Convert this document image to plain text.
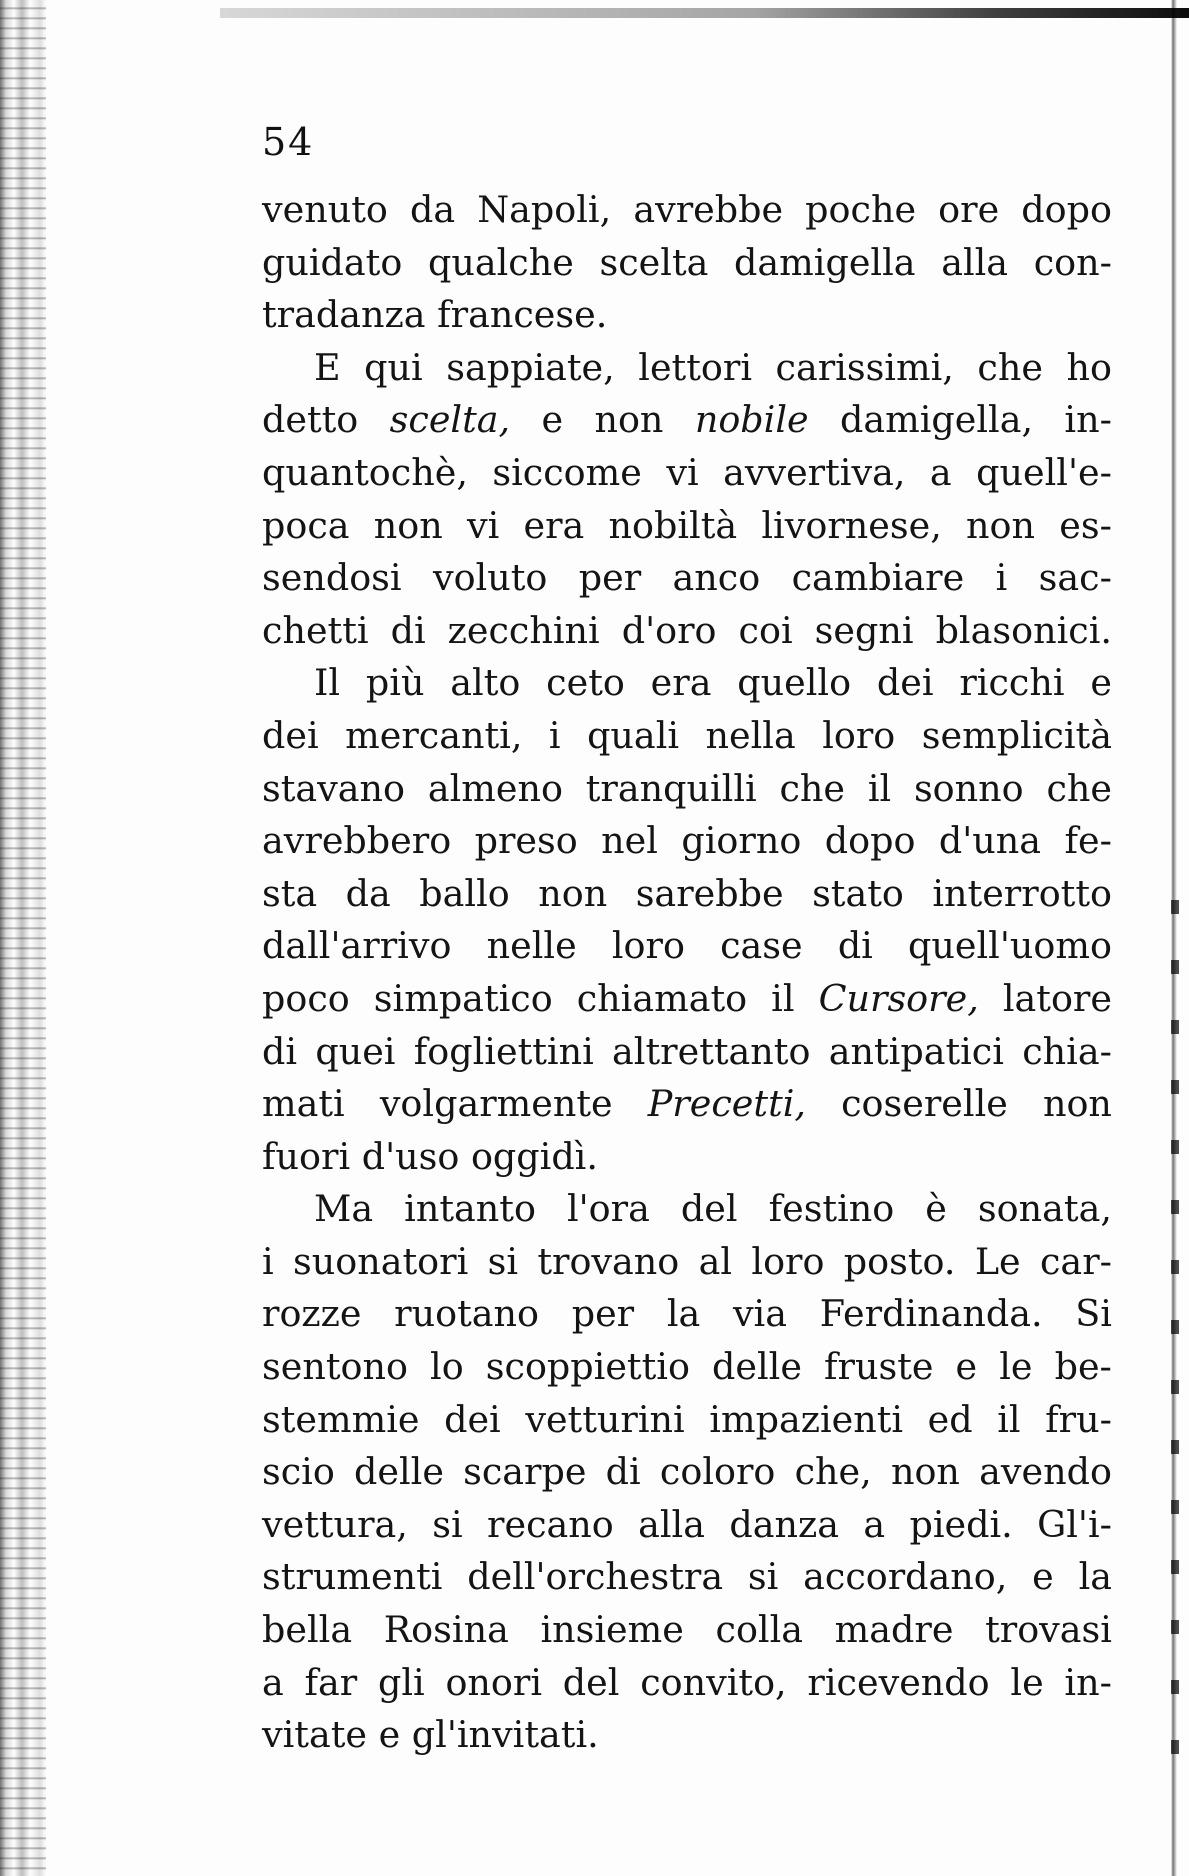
54
venuto da Napoli, avrebbe poche ore dopo
guidato qualche scelta damigella alla con-
tradanza francese.
E qui sappiate, lettori carissimi, che ho
detto scelta, e non nobile damigella, in-
quantochè, siccome vi avvertiva, a quell'e-
poca non vi era nobiltà livornese, non es-
sendosi voluto per anco cambiare i sac-
chetti di zecchini d'oro coi segni blasonici.
Il più alto ceto era quello dei ricchi e
dei mercanti, i quali nella loro semplicità
stavano almeno tranquilli che il sonno che
avrebbero preso nel giorno dopo d'una fe-
sta da ballo non sarebbe stato interrotto
dall'arrivo nelle loro case di quell'uomo
poco simpatico chiamato il Cursore, latore
di quei fogliettini altrettanto antipatici chia-
mati volgarmente Precetti, coserelle non
fuori d'uso oggidì.
Ma intanto l'ora del festino è sonata,
i suonatori si trovano al loro posto. Le car-
rozze ruotano per la via Ferdinanda. Si
sentono lo scoppiettio delle fruste e le be-
stemmie dei vetturini impazienti ed il fru-
scio delle scarpe di coloro che, non avendo
vettura, si recano alla danza a piedi. Gl'i-
strumenti dell'orchestra si accordano, e la
bella Rosina insieme colla madre trovasi
a far gli onori del convito, ricevendo le in-
vitate e gl'invitati.
